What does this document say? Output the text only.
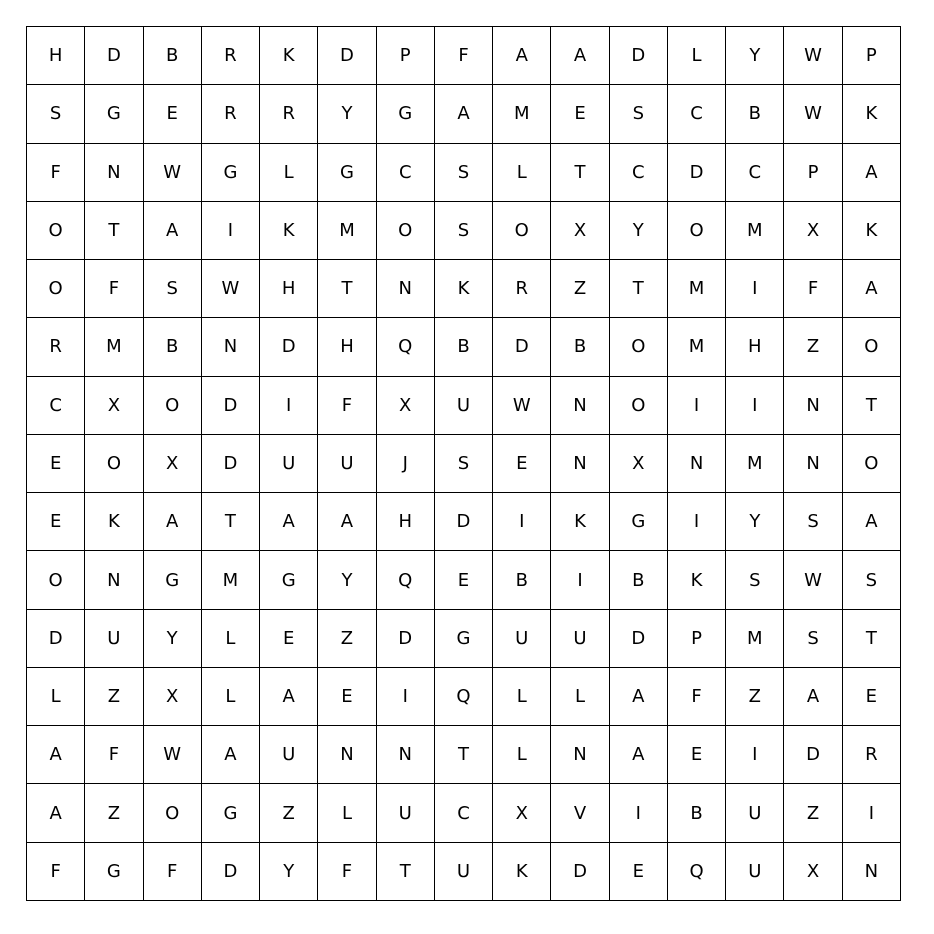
H	D	B	R	K	D	P	F	A	A	D	L	Y	W	P
S	G	E	R	R	Y	G	A	M	E	S	C	B	W	K
F	N	W	G	L	G	C	S	L	T	C	D	C	P	A
O	T	A	I	K	M	O	S	O	X	Y	O	M	X	K
O	F	S	W	H	T	N	K	R	Z	T	M	I	F	A
R	M	B	N	D	H	Q	B	D	B	O	M	H	Z	O
C	X	O	D	I	F	X	U	W	N	O	I	I	N	T
E	O	X	D	U	U	J	S	E	N	X	N	M	N	O
E	K	A	T	A	A	H	D	I	K	G	I	Y	S	A
O	N	G	M	G	Y	Q	E	B	I	B	K	S	W	S
D	U	Y	L	E	Z	D	G	U	U	D	P	M	S	T
L	Z	X	L	A	E	I	Q	L	L	A	F	Z	A	E
A	F	W	A	U	N	N	T	L	N	A	E	I	D	R
A	Z	O	G	Z	L	U	C	X	V	I	B	U	Z	I
F	G	F	D	Y	F	T	U	K	D	E	Q	U	X	N
